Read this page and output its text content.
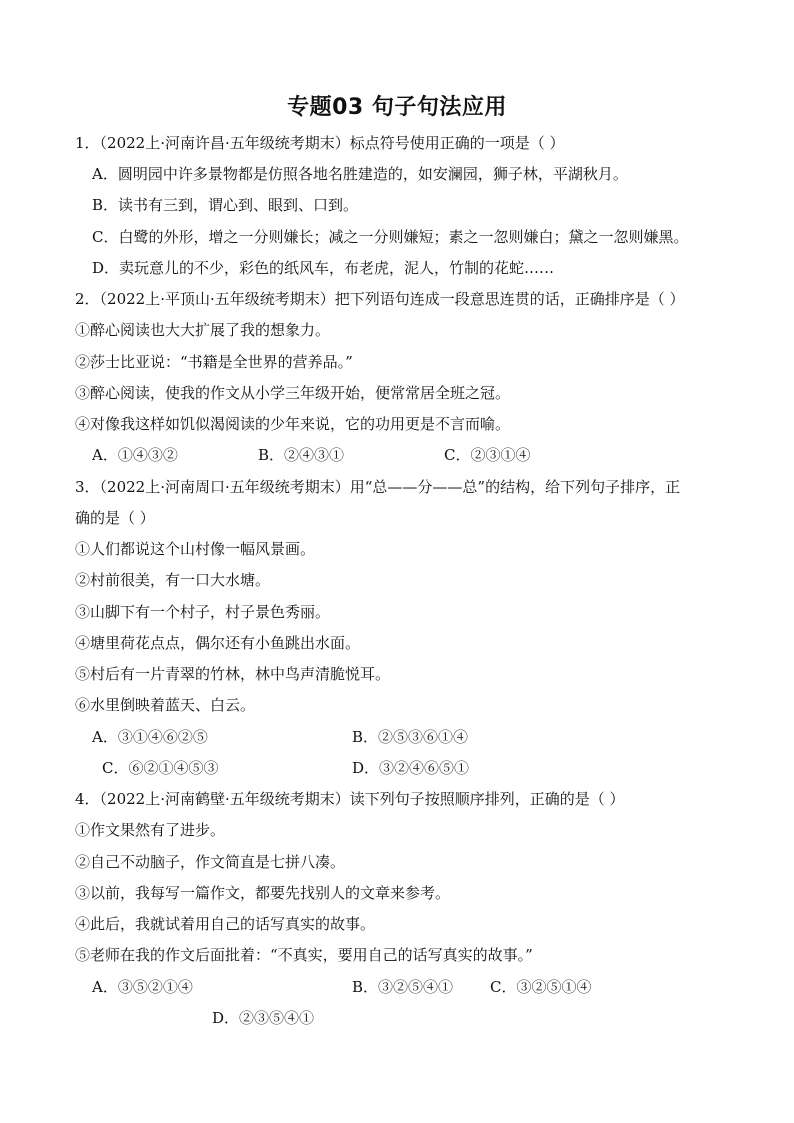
专题03 句子句法应用
1．（2022上·河南许昌·五年级统考期末）标点符号使用正确的一项是（ ）
A．圆明园中许多景物都是仿照各地名胜建造的，如安澜园，狮子林，平湖秋月。
B．读书有三到，谓心到、眼到、口到。
C．白鹭的外形，增之一分则嫌长；减之一分则嫌短；素之一忽则嫌白；黛之一忽则嫌黑。
D．卖玩意儿的不少，彩色的纸风车，布老虎，泥人，竹制的花蛇……
2．（2022上·平顶山·五年级统考期末）把下列语句连成一段意思连贯的话，正确排序是（ ）
①醉心阅读也大大扩展了我的想象力。
②莎士比亚说：“书籍是全世界的营养品。”
③醉心阅读，使我的作文从小学三年级开始，便常常居全班之冠。
④对像我这样如饥似渴阅读的少年来说，它的功用更是不言而喻。
A．①④③②	B．②④③①	C．②③①④
3．（2022上·河南周口·五年级统考期末）用“总——分——总”的结构，给下列句子排序，正
确的是（ ）
①人们都说这个山村像一幅风景画。
②村前很美，有一口大水塘。
③山脚下有一个村子，村子景色秀丽。
④塘里荷花点点，偶尔还有小鱼跳出水面。
⑤村后有一片青翠的竹林，林中鸟声清脆悦耳。
⑥水里倒映着蓝天、白云。
A．③①④⑥②⑤	B．②⑤③⑥①④
C．⑥②①④⑤③	D．③②④⑥⑤①
4．（2022上·河南鹤壁·五年级统考期末）读下列句子按照顺序排列，正确的是（ ）
①作文果然有了进步。
②自己不动脑子，作文简直是七拼八凑。
③以前，我每写一篇作文，都要先找别人的文章来参考。
④此后，我就试着用自己的话写真实的故事。
⑤老师在我的作文后面批着：“不真实，要用自己的话写真实的故事。”
A．③⑤②①④	B．③②⑤④① C．③②⑤①④
D．②③⑤④①
